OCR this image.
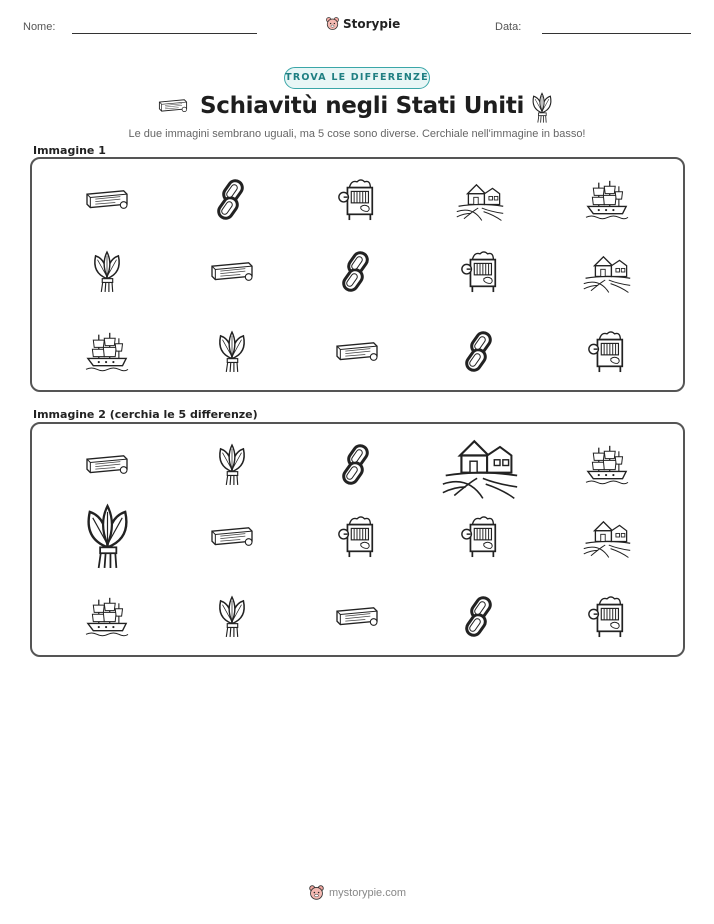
Nome:	Storypie	Data:
TROVA LE DIFFERENZE
Schiavitù negli Stati Uniti
Le due immagini sembrano uguali, ma 5 cose sono diverse. Cerchiale nell'immagine in basso!
Immagine 1
Immagine 2 (cerchia le 5 differenze)
mystorypie.com
